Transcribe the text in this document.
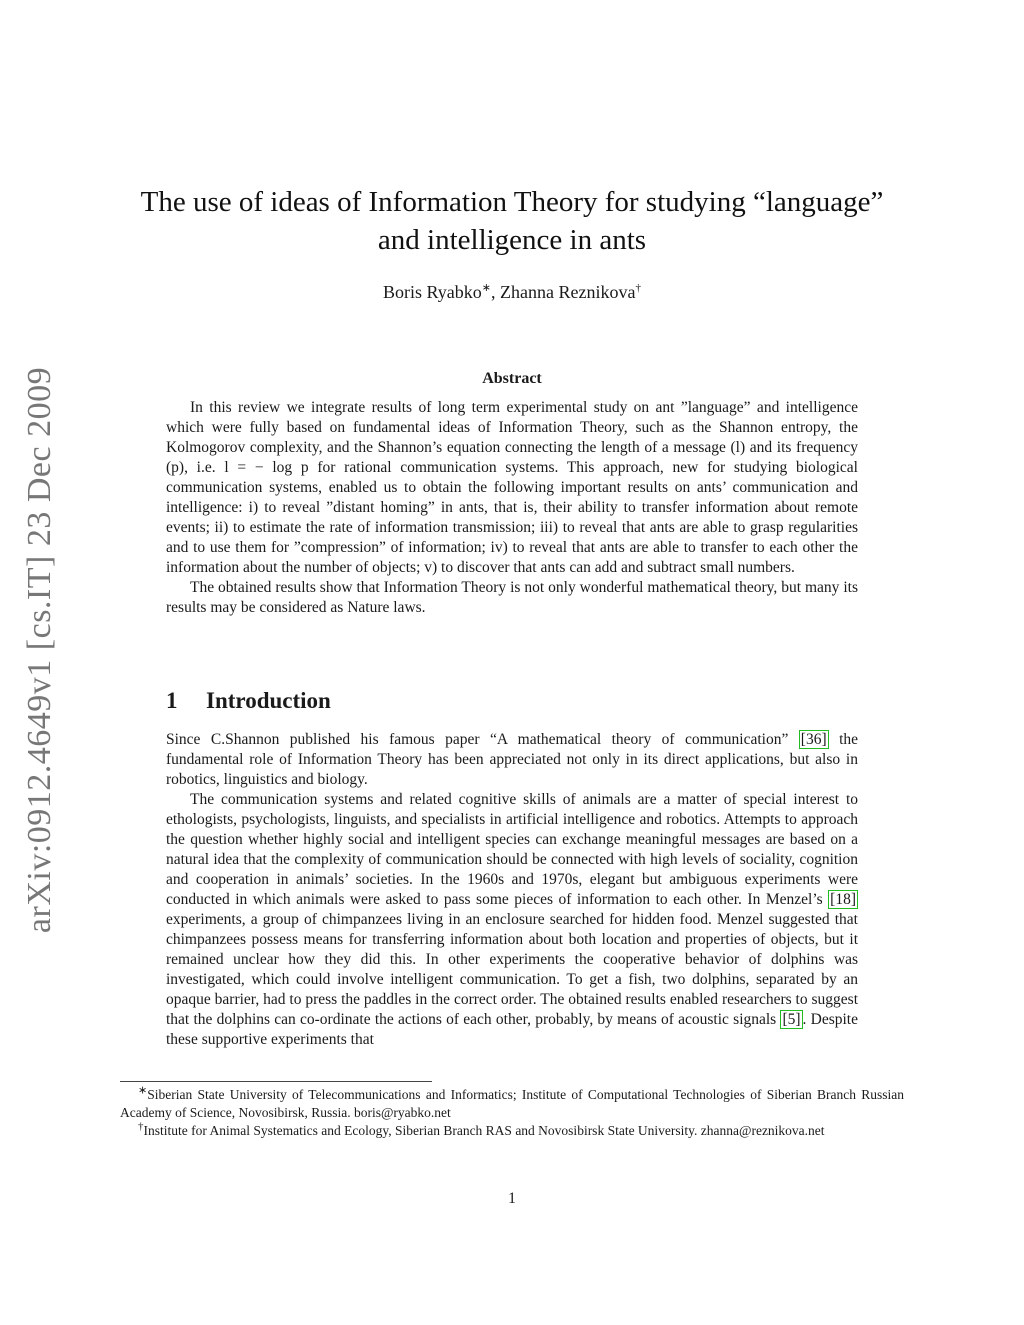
arXiv:0912.4649v1 [cs.IT] 23 Dec 2009
The use of ideas of Information Theory for studying “language”
and intelligence in ants
Boris Ryabko∗, Zhanna Reznikova†
Abstract

In this review we integrate results of long term experimental study on ant ”language” and intelligence which were fully based on fundamental ideas of Information Theory, such as the Shannon entropy, the Kolmogorov complexity, and the Shannon’s equation connecting the length of a message (l) and its frequency (p), i.e. l = − log p for rational communication systems. This approach, new for studying biological communication systems, enabled us to obtain the following important results on ants’ communication and intelligence: i) to reveal ”distant homing” in ants, that is, their ability to transfer information about remote events; ii) to estimate the rate of information transmission; iii) to reveal that ants are able to grasp regularities and to use them for ”compression” of information; iv) to reveal that ants are able to transfer to each other the information about the number of objects; v) to discover that ants can add and subtract small numbers.

The obtained results show that Information Theory is not only wonderful mathematical theory, but many its results may be considered as Nature laws.

1 Introduction

Since C.Shannon published his famous paper “A mathematical theory of communication” [36] the fundamental role of Information Theory has been appreciated not only in its direct applications, but also in robotics, linguistics and biology.

The communication systems and related cognitive skills of animals are a matter of special interest to ethologists, psychologists, linguists, and specialists in artificial intelligence and robotics. Attempts to approach the question whether highly social and intelligent species can exchange meaningful messages are based on a natural idea that the complexity of communication should be connected with high levels of sociality, cognition and cooperation in animals’ societies. In the 1960s and 1970s, elegant but ambiguous experiments were conducted in which animals were asked to pass some pieces of information to each other. In Menzel’s [18] experiments, a group of chimpanzees living in an enclosure searched for hidden food. Menzel suggested that chimpanzees possess means for transferring information about both location and properties of objects, but it remained unclear how they did this. In other experiments the cooperative behavior of dolphins was investigated, which could involve intelligent communication. To get a fish, two dolphins, separated by an opaque barrier, had to press the paddles in the correct order. The obtained results enabled researchers to suggest that the dolphins can co-ordinate the actions of each other, probably, by means of acoustic signals [5] . Despite these supportive experiments that

∗Siberian State University of Telecommunications and Informatics; Institute of Computational Technologies of Siberian Branch Russian Academy of Science, Novosibirsk, Russia. boris@ryabko.net

†Institute for Animal Systematics and Ecology, Siberian Branch RAS and Novosibirsk State University. zhanna@reznikova.net

1
